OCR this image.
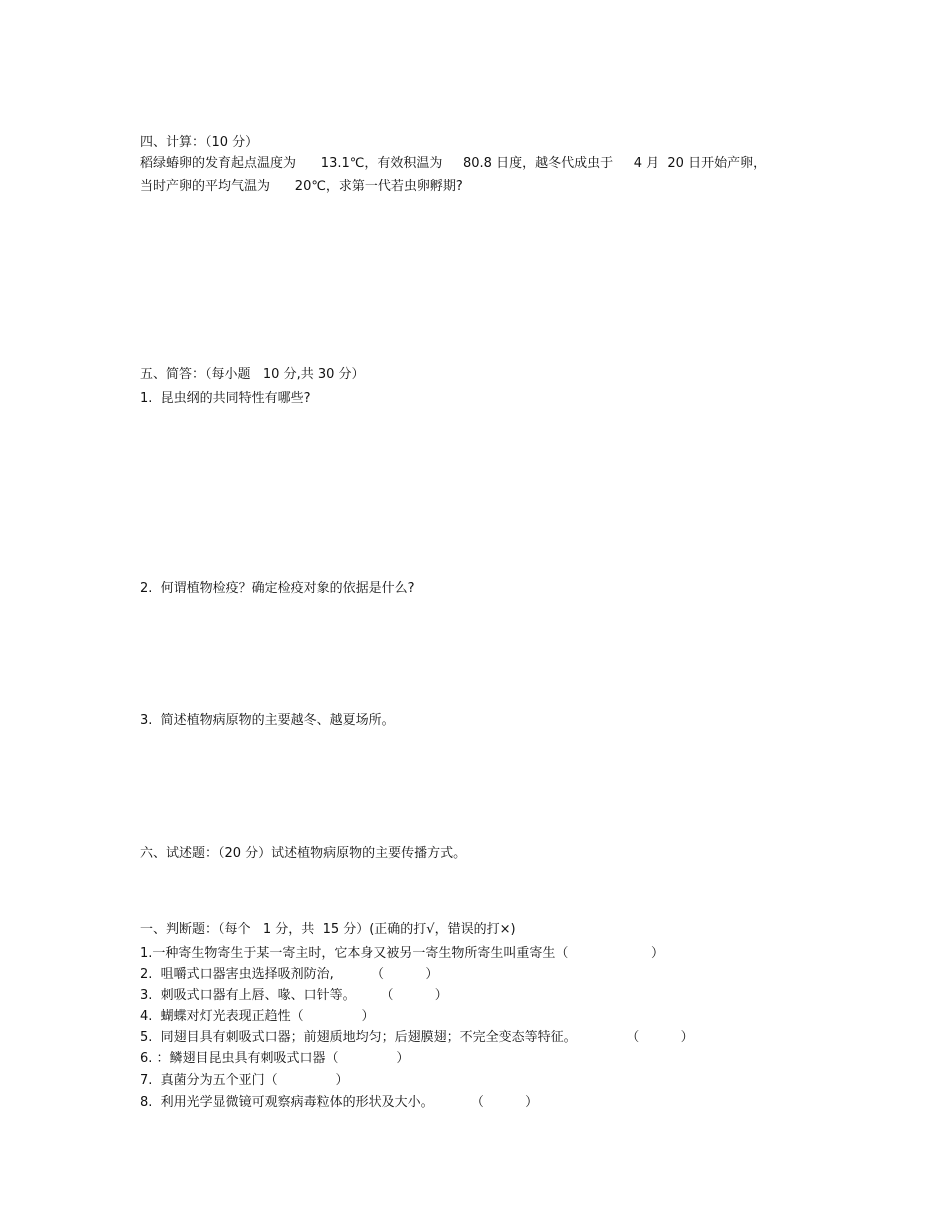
四、计算：（10 分）
稻绿蝽卵的发育起点温度为      13.1℃，有效积温为     80.8 日度，越冬代成虫于     4 月  20 日开始产卵，
当时产卵的平均气温为      20℃，求第一代若虫卵孵期?
五、简答：（每小题   10 分,共 30 分）
1.  昆虫纲的共同特性有哪些?
2.  何谓植物检疫？确定检疫对象的依据是什么?
3.  简述植物病原物的主要越冬、越夏场所。
六、试述题：（20 分）试述植物病原物的主要传播方式。
一、判断题：（每个   1 分，共  15 分）(正确的打√，错误的打×)
1.一种寄生物寄生于某一寄主时，它本身又被另一寄生物所寄生叫重寄生（                    ）
2.  咀嚼式口器害虫选择吸剂防治,         （          ）
3.  刺吸式口器有上唇、喙、口针等。      （          ）
4.  蝴蝶对灯光表现正趋性（              ）
5.  同翅目具有刺吸式口器；前翅质地均匀；后翅膜翅；不完全变态等特征。            （          ）
6. ：鳞翅目昆虫具有刺吸式口器（              ）
7.  真菌分为五个亚门（              ）
8.  利用光学显微镜可观察病毒粒体的形状及大小。         （          ）
